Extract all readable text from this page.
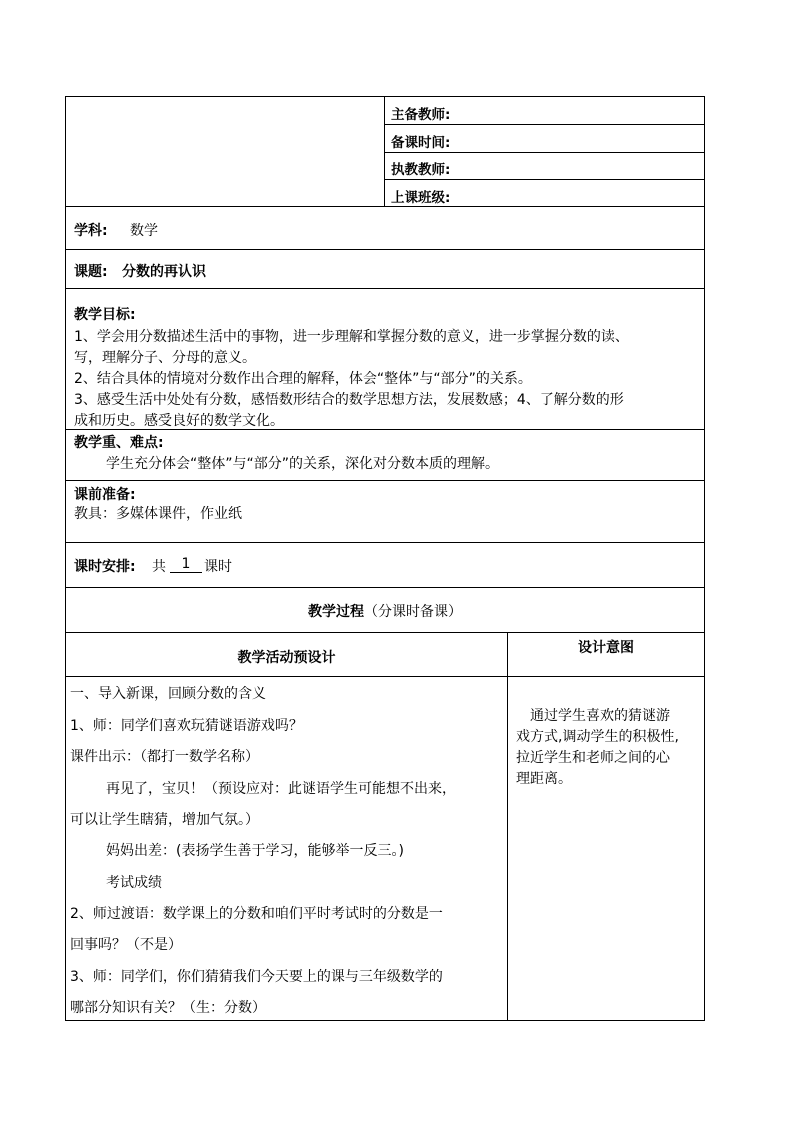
主备教师:
备课时间:
执教教师:
上课班级:
学科: 数学
课题: 分数的再认识
教学目标:
1、学会用分数描述生活中的事物，进一步理解和掌握分数的意义，进一步掌握分数的读、
写，理解分子、分母的意义。
2、结合具体的情境对分数作出合理的解释，体会“整体”与“部分”的关系。
3、感受生活中处处有分数，感悟数形结合的数学思想方法，发展数感；4、了解分数的形
成和历史。感受良好的数学文化。
教学重、难点:
学生充分体会“整体”与“部分”的关系，深化对分数本质的理解。
课前准备:
教具：多媒体课件，作业纸
课时安排: 共	1 课时
教学过程（分课时备课）
教学活动预设计
设计意图
一、导入新课，回顾分数的含义
1、师：同学们喜欢玩猜谜语游戏吗？
课件出示：（都打一数学名称）
　再见了，宝贝！（预设应对：此谜语学生可能想不出来，
可以让学生瞎猜，增加气氛。）
　妈妈出差：(表扬学生善于学习，能够举一反三。)
　考试成绩
2、师过渡语：数学课上的分数和咱们平时考试时的分数是一
回事吗？（不是）
3、师：同学们，你们猜猜我们今天要上的课与三年级数学的
哪部分知识有关？（生：分数）
　通过学生喜欢的猜谜游
戏方式,调动学生的积极性,
拉近学生和老师之间的心
理距离。
